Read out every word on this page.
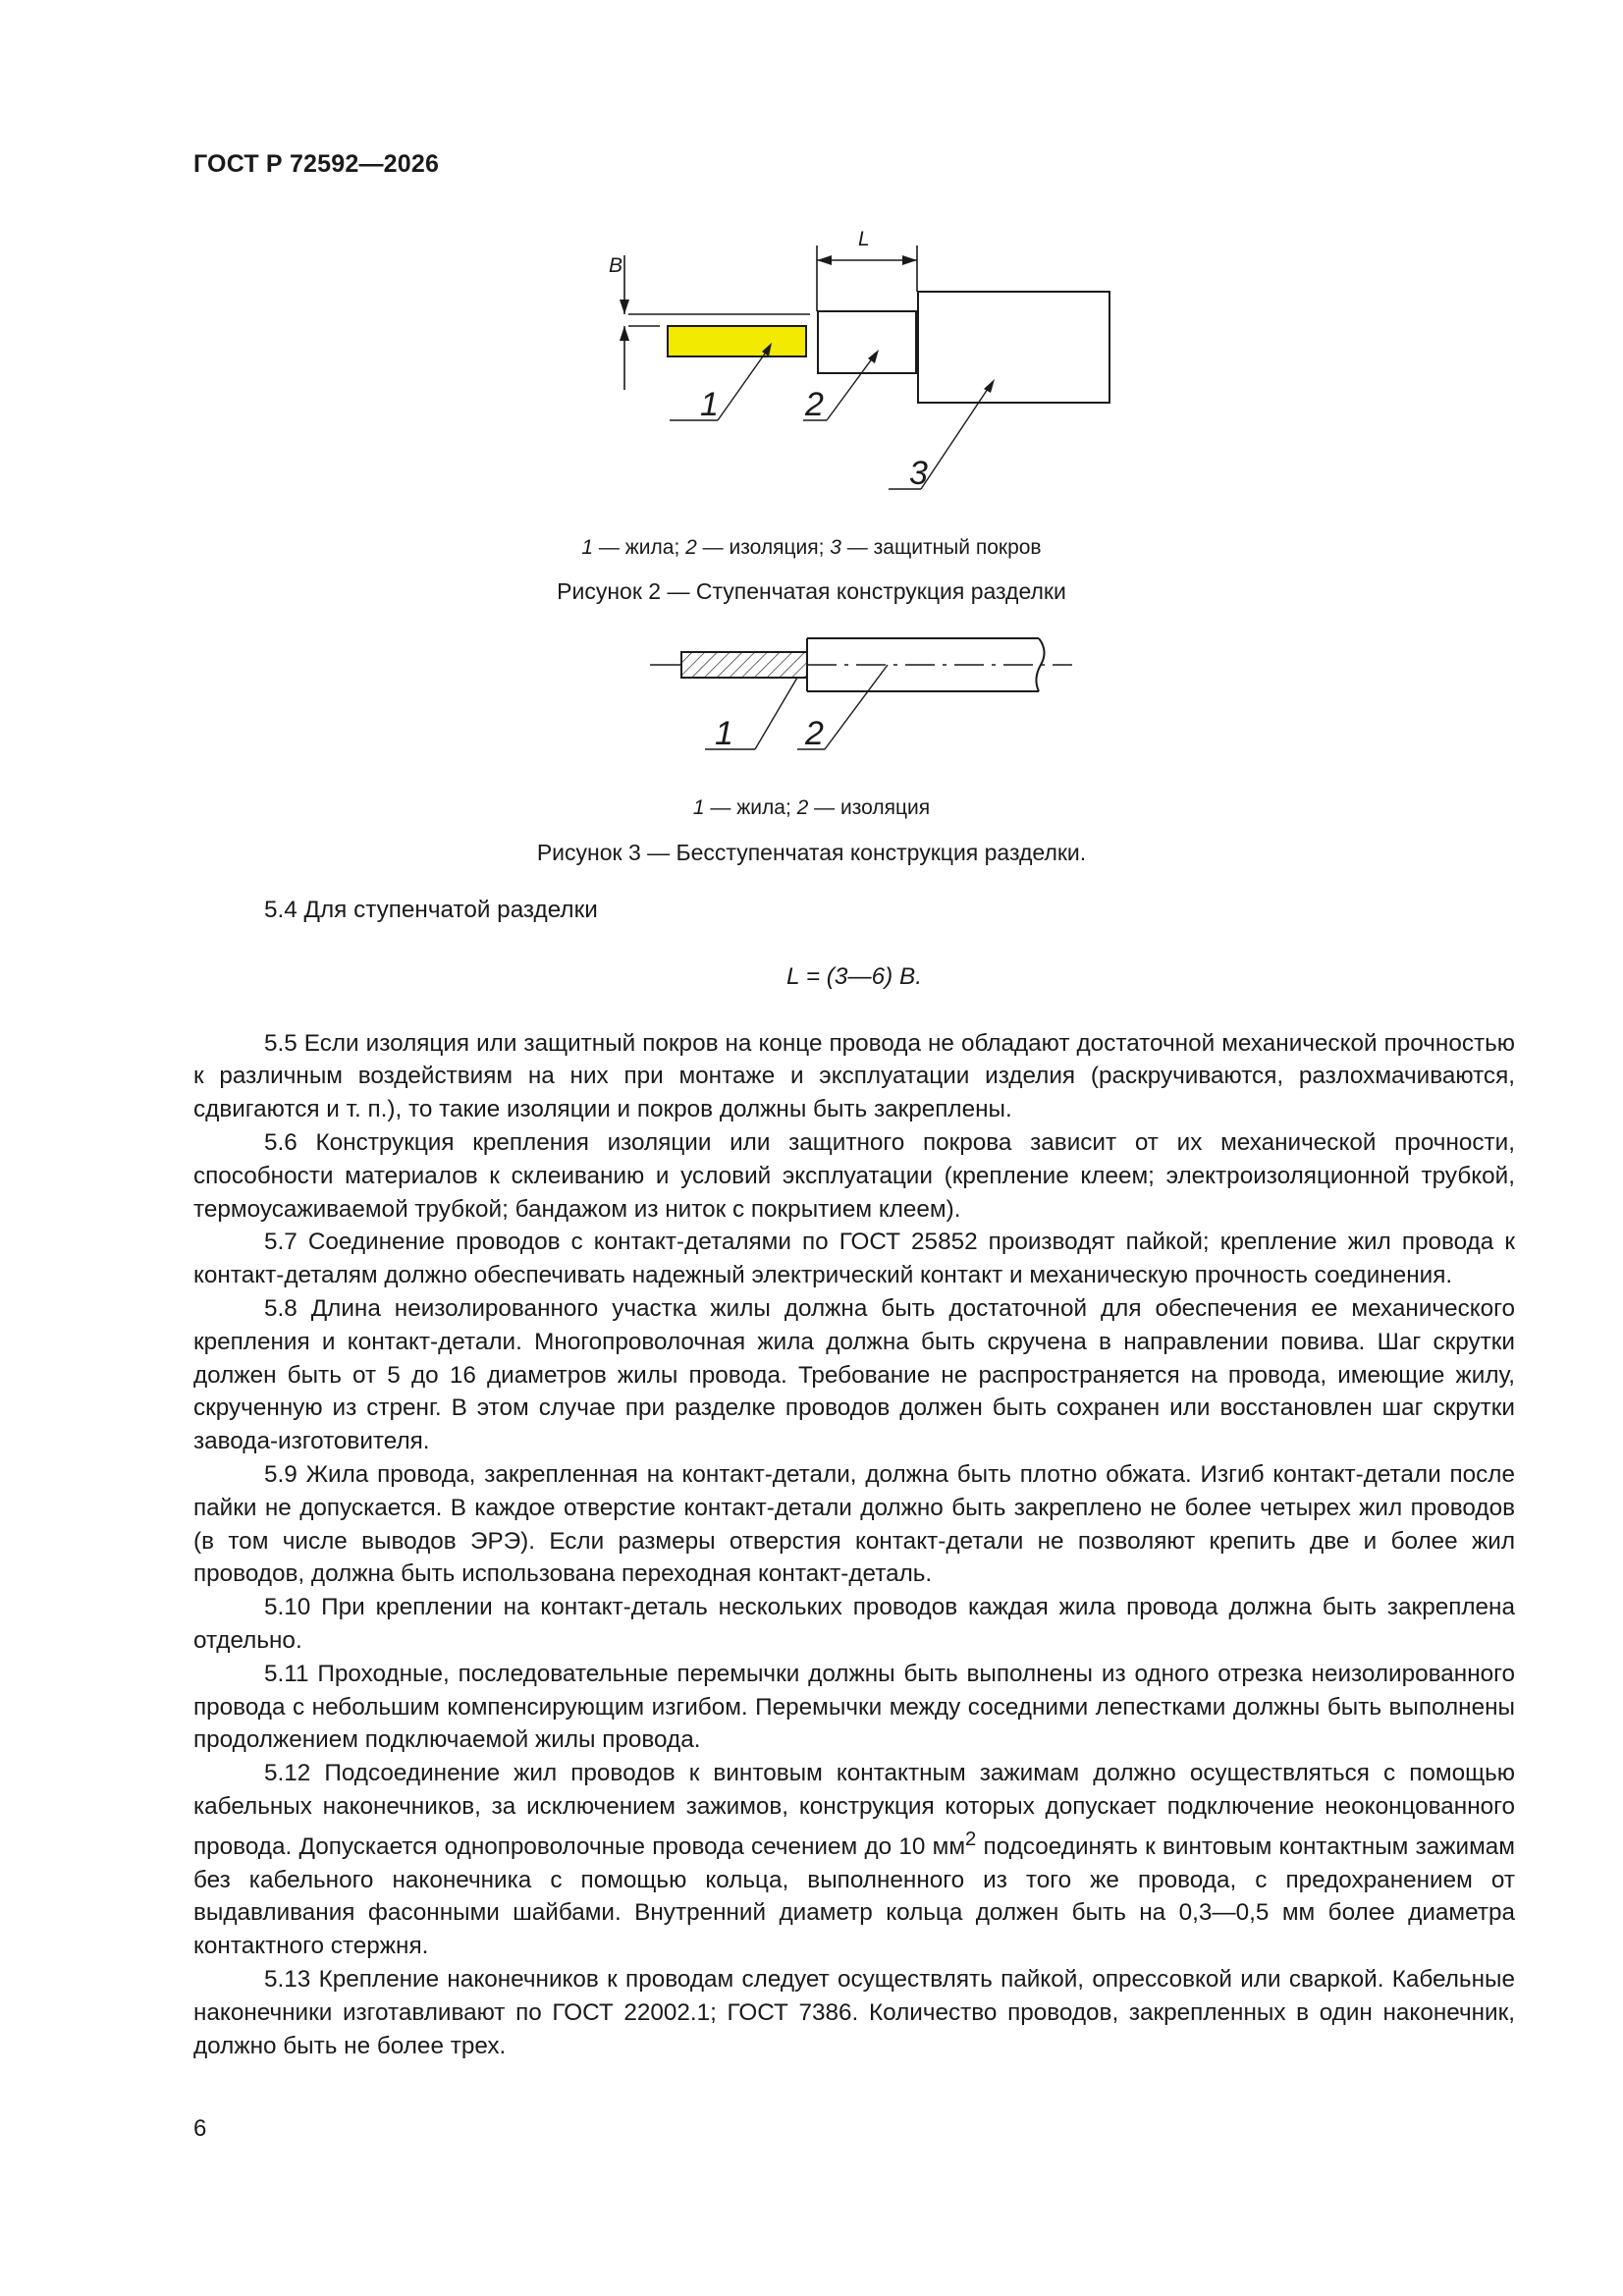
ГОСТ Р 72592—2026
B
L
1	2
3
1 — жила; 2 — изоляция; 3 — защитный покров
Рисунок 2 — Ступенчатая конструкция разделки
1 2
1 — жила; 2 — изоляция
Рисунок 3 — Бесступенчатая конструкция разделки.

5.4 Для ступенчатой разделки

L = (3—6) B.

5.5 Если изоляция или защитный покров на конце провода не обладают достаточной механической прочностью к различным воздействиям на них при монтаже и эксплуатации изделия (раскручиваются, разлохмачиваются, сдвигаются и т. п.), то такие изоляции и покров должны быть закреплены.

5.6 Конструкция крепления изоляции или защитного покрова зависит от их механической прочности, способности материалов к склеиванию и условий эксплуатации (крепление клеем; электроизоляционной трубкой, термоусаживаемой трубкой; бандажом из ниток с покрытием клеем).

5.7 Соединение проводов с контакт-деталями по ГОСТ 25852 производят пайкой; крепление жил провода к контакт-деталям должно обеспечивать надежный электрический контакт и механическую прочность соединения.

5.8 Длина неизолированного участка жилы должна быть достаточной для обеспечения ее механического крепления и контакт-детали. Многопроволочная жила должна быть скручена в направлении повива. Шаг скрутки должен быть от 5 до 16 диаметров жилы провода. Требование не распространяется на провода, имеющие жилу, скрученную из стренг. В этом случае при разделке проводов должен быть сохранен или восстановлен шаг скрутки завода-изготовителя.

5.9 Жила провода, закрепленная на контакт-детали, должна быть плотно обжата. Изгиб контакт-детали после пайки не допускается. В каждое отверстие контакт-детали должно быть закреплено не более четырех жил проводов (в том числе выводов ЭРЭ). Если размеры отверстия контакт-детали не позволяют крепить две и более жил проводов, должна быть использована переходная контакт-деталь.

5.10 При креплении на контакт-деталь нескольких проводов каждая жила провода должна быть закреплена отдельно.

5.11 Проходные, последовательные перемычки должны быть выполнены из одного отрезка неизолированного провода с небольшим компенсирующим изгибом. Перемычки между соседними лепестками должны быть выполнены продолжением подключаемой жилы провода.

5.12 Подсоединение жил проводов к винтовым контактным зажимам должно осуществляться с помощью кабельных наконечников, за исключением зажимов, конструкция которых допускает подключение неоконцованного провода. Допускается однопроволочные провода сечением до 10 $мм^2$ подсоединять к винтовым контактным зажимам без кабельного наконечника с помощью кольца, выполненного из того же провода, с предохранением от выдавливания фасонными шайбами. Внутренний диаметр кольца должен быть на 0,3—0,5 мм более диаметра контактного стержня.

5.13 Крепление наконечников к проводам следует осуществлять пайкой, опрессовкой или сваркой. Кабельные наконечники изготавливают по ГОСТ 22002.1; ГОСТ 7386. Количество проводов, закрепленных в один наконечник, должно быть не более трех.

6
